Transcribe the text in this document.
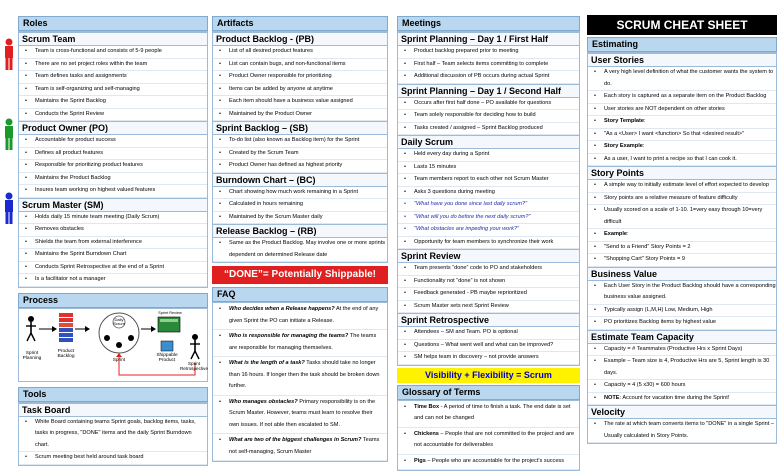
Roles
Scrum Team
• Team is cross-functional and consists of 5-9 people
• There are no set project roles within the team
• Team defines tasks and assignments
• Team is self-organizing and self-managing
• Maintains the Sprint Backlog
• Conducts the Sprint Review
Product Owner (PO)
• Accountable for product success
• Defines all product features
• Responsible for prioritizing product features
• Maintains the Product Backlog
• Insures team working on highest valued features
Scrum Master (SM)
• Holds daily 15 minute team meeting (Daily Scrum)
• Removes obstacles
• Shields the team from external interference
• Maintains the Sprint Burndown Chart
• Conducts Sprint Retrospective at the end of a Sprint
• Is a facilitator not a manager
Process
Sprint Planning
Product Backlog
Daily Scrum
Sprint
Sprint Review
Shippable Product	Sprint Retrospective
Tools
Task Board
• White Board containing teams Sprint goals, backlog items, tasks, tasks in progress, "DONE" items and the daily Sprint Burndown chart.
• Scrum meeting best held around task board
Artifacts
Product Backlog - (PB)
• List of all desired product features
• List can contain bugs, and non-functional items
• Product Owner responsible for prioritizing
• Items can be added by anyone at anytime
• Each item should have a business value assigned
• Maintained by the Product Owner
Sprint Backlog – (SB)
• To-do list (also known as Backlog item) for the Sprint
• Created by the Scrum Team
• Product Owner has defined as highest priority
Burndown Chart – (BC)
• Chart showing how much work remaining in a Sprint
• Calculated in hours remaining
• Maintained by the Scrum Master daily
Release Backlog – (RB)
• Same as the Product Backlog. May involve one or more sprints dependent on determined Release date
“DONE”= Potentially Shippable!
FAQ

• Who decides when a Release happens? At the end of any given Sprint the PO can initiate a Release.

• Who is responsible for managing the teams? The teams are responsible for managing themselves.

• What is the length of a task? Tasks should take no longer than 16 hours. If longer then the task should be broken down further.

• Who manages obstacles? Primary responsibility is on the Scrum Master. However, teams must learn to resolve their own issues. If not able then escalated to SM.

• What are two of the biggest challenges in Scrum? Teams not self-managing, Scrum Master

Meetings
Sprint Planning – Day 1 / First Half
• Product backlog prepared prior to meeting
• First half – Team selects items committing to complete
• Additional discussion of PB occurs during actual Sprint
Sprint Planning – Day 1 / Second Half
• Occurs after first half done – PO available for questions
• Team solely responsible for deciding how to build
• Tasks created / assigned – Sprint Backlog produced
Daily Scrum
• Held every day during a Sprint
• Lasts 15 minutes
• Team members report to each other not Scrum Master
• Asks 3 questions during meeting
• "What have you done since last daily scrum?"
• "What will you do before the next daily scrum?"
• "What obstacles are impeding your work?"
• Opportunity for team members to synchronize their work
Sprint Review
• Team presents “done” code to PO and stakeholders
• Functionality not “done” is not shown
• Feedback generated - PB maybe reprioritized
• Scrum Master sets next Sprint Review
Sprint Retrospective
• Attendees – SM and Team. PO is optional
• Questions – What went well and what can be improved?
• SM helps team in discovery – not provide answers
Visibility + Flexibility = Scrum
Glossary of Terms

• Time Box - A period of time to finish a task. The end date is set and can not be changed

• Chickens – People that are not committed to the project and are not accountable for deliverables

• Pigs – People who are accountable for the project's success

SCRUM CHEAT SHEET
Estimating
User Stories
• A very high level definition of what the customer wants the system to do.
• Each story is captured as a separate item on the Product Backlog
• User stories are NOT dependent on other stories
• Story Template:
• "As a <User> I want <function> So that <desired result>"
• Story Example:
• As a user, I want to print a recipe so that I can cook it.
Story Points
• A simple way to initially estimate level of effort expected to develop
• Story points are a relative measure of feature difficulty
• Usually scored on a scale of 1-10. 1=very easy through 10=very difficult
• Example:
• "Send to a Friend" Story Points = 2
• "Shopping Cart" Story Points = 9
Business Value
• Each User Story in the Product Backlog should have a corresponding business value assigned.
• Typically assign (L,M,H) Low, Medium, High
• PO prioritizes Backlog items by highest value
Estimate Team Capacity
• Capacity = # Teammates (Productive Hrs x Sprint Days)
• Example – Team size is 4, Productive Hrs are 5, Sprint length is 30 days.
• Capacity = 4 (5 x30) = 600 hours
• NOTE: Account for vacation time during the Sprint!
Velocity
• The rate at which team converts items to "DONE" in a single Sprint – Usually calculated in Story Points.
